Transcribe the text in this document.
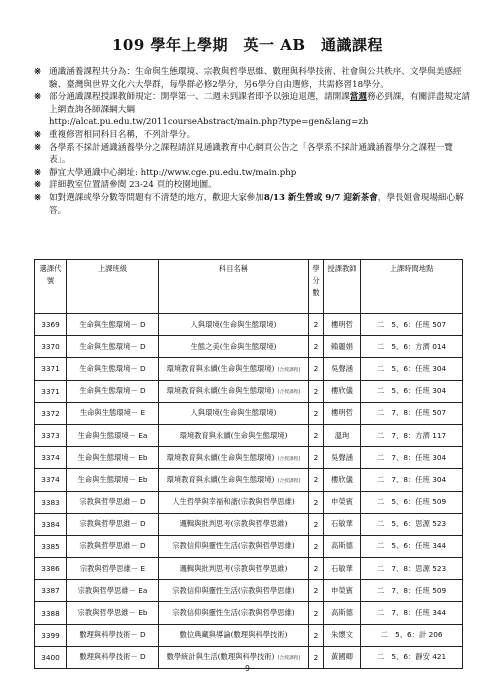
109 學年上學期　英一 AB　通識課程
※ 通識涵養課程共分為：生命與生態環境、宗教與哲學思維、數理與科學技術、社會與公共秩序、文學與美感經驗、臺灣與世界文化六大學群，每學群必修2學分，另6學分自由選修，共需修習18學分。

※ 部分通識課程授課教師規定：開學第一、二週未到課者即予以強迫退選，請開課當週務必到課，有關詳盡規定請上網查詢各師課綱大綱

http://alcat.pu.edu.tw/2011courseAbstract/main.php?type=gen&lang=zh

※ 重複修習相同科目名稱，不列計學分。

※ 各學系不採計通識涵養學分之課程請詳見通識教育中心網頁公告之「各學系不採計通識涵養學分之課程一覽表」。

※ 靜宜大學通識中心網址: http://www.cge.pu.edu.tw/main.php

※ 詳細教室位置請參閱 23-24 頁的校園地圖。

※ 如對選課或學分數等問題有不清楚的地方，歡迎大家參加8/13 新生營或 9/7 迎新茶會，學長姐會現場細心解答。

選課代號	上課班級	科目名稱	學分數	授課教師	上課時間地點
3369	生命與生態環境－ D	人與環境(生命與生態環境)	2	樓明哲	二　5、6：任班 507
3370	生命與生態環境－ D	生態之美(生命與生態環境)	2	賴麗娟	二　5、6：方濟 014
3371	生命與生態環境－ D	環境教育與永續(生命與生態環境) (合授課程)	2	吳聲涵	二　5、6：任班 304
3371	生命與生態環境－ D	環境教育與永續(生命與生態環境) (合授課程)	2	樓欣儀	二　5、6：任班 304
3372	生命與生態環境－ E	人與環境(生命與生態環境)	2	樓明哲	二　7、8：任班 507
3373	生命與生態環境－ Ea	環境教育與永續(生命與生態環境)	2	溫珣	二　7、8：方濟 117
3374	生命與生態環境－ Eb	環境教育與永續(生命與生態環境) (合授課程)	2	吳聲涵	二　7、8：任班 304
3374	生命與生態環境－ Eb	環境教育與永續(生命與生態環境) (合授課程)	2	樓欣儀	二　7、8：任班 304
3383	宗教與哲學思維－ D	人生哲學與幸福和諧(宗教與哲學思維)	2	申榮賓	二　5、6：任班 509
3384	宗教與哲學思維－ D	邏輯與批判思考(宗教與哲學思維)	2	石敏華	二　5、6：思源 523
3385	宗教與哲學思維－ D	宗教信仰與靈性生活(宗教與哲學思維)	2	高斯德	二　5、6：任班 344
3386	宗教與哲學思維－ E	邏輯與批判思考(宗教與哲學思維)	2	石敏華	二　7、8：思源 523
3387	宗教與哲學思維－ Ea	宗教信仰與靈性生活(宗教與哲學思維)	2	申榮賓	二　7、8：任班 509
3388	宗教與哲學思維－ Eb	宗教信仰與靈性生活(宗教與哲學思維)	2	高斯德	二　7、8：任班 344
3399	數理與科學技術－ D	數位典藏與導論(數理與科學技術)	2	朱懷文	二　5、6：計 206
3400	數理與科學技術－ D	數學統計與生活(數理與科學技術) (合授課程)	2	黃國卿	二　5、6：靜安 421
9
